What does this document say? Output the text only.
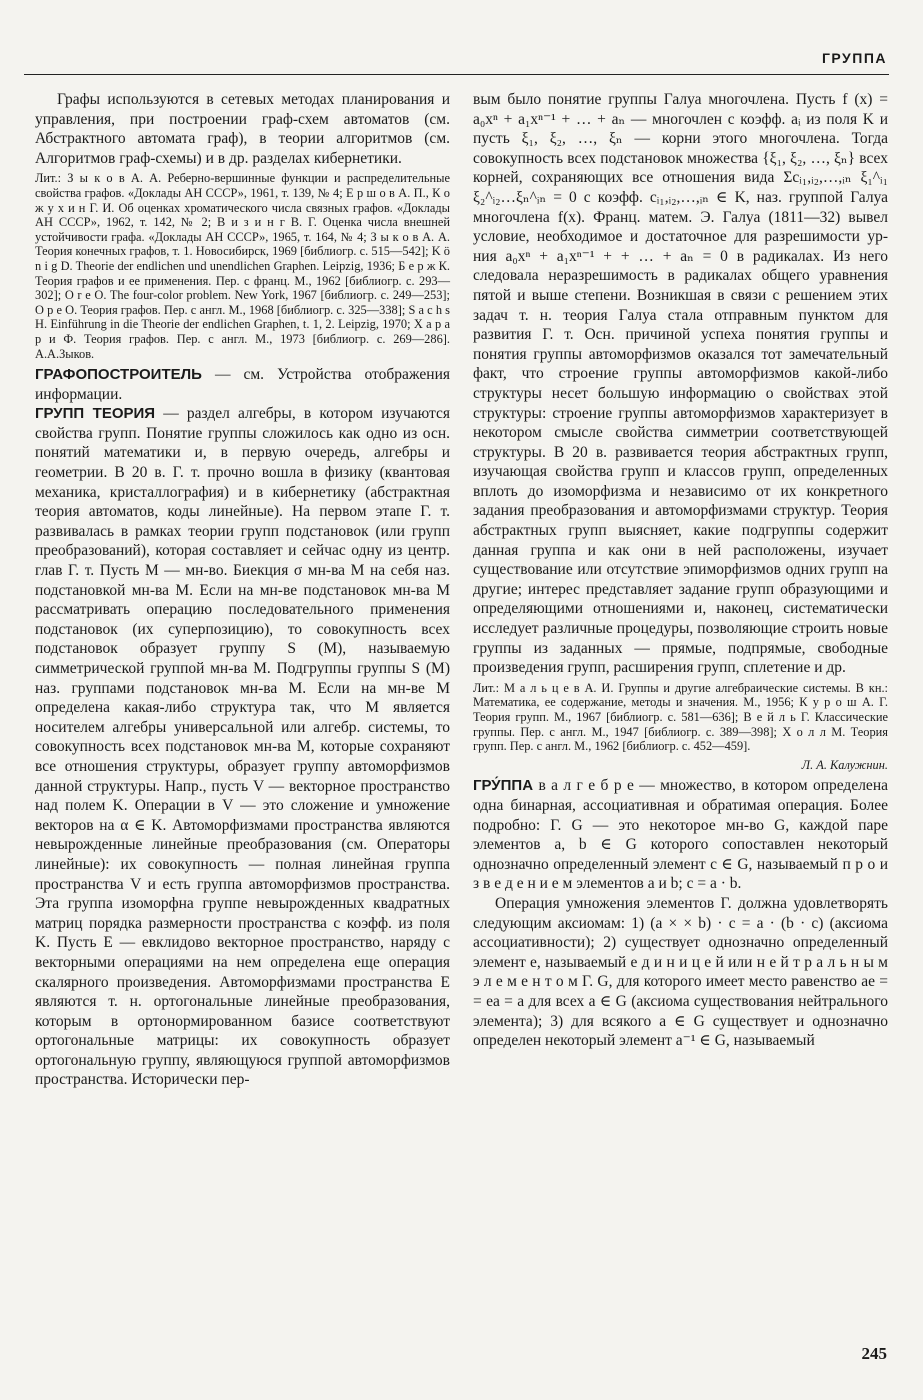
ГРУППА

Графы используются в сетевых методах планирования и управления, при построении граф-схем автоматов (см. Абстрактного автомата граф), в теории алгоритмов (см. Алгоритмов граф-схемы) и в др. разделах кибернетики.

Лит.: З ы к о в А. А. Реберно-вершинные функции и распределительные свойства графов. «Доклады АН СССР», 1961, т. 139, № 4; Е р ш о в А. П., К о ж у х и н Г. И. Об оценках хроматического числа связных графов. «Доклады АН СССР», 1962, т. 142, № 2; В и з и н г В. Г. Оценка числа внешней устойчивости графа. «Доклады АН СССР», 1965, т. 164, № 4; З ы к о в А. А. Теория конечных графов, т. 1. Новосибирск, 1969 [библиогр. с. 515—542]; K ö n i g D. Theorie der endlichen und unendlichen Graphen. Leipzig, 1936; Б е р ж К. Теория графов и ее применения. Пер. с франц. М., 1962 [библиогр. с. 293—302]; O r e O. The four-color problem. New York, 1967 [библиогр. с. 249—253]; О р е О. Теория графов. Пер. с англ. М., 1968 [библиогр. с. 325—338]; S a c h s H. Einführung in die Theorie der endlichen Graphen, t. 1, 2. Leipzig, 1970; Х а р а р и Ф. Теория графов. Пер. с англ. М., 1973 [библиогр. с. 269—286]. А.А.Зыков.

ГРАФОПОСТРОИТЕЛЬ — см. Устройства отображения информации.

ГРУПП ТЕОРИЯ — раздел алгебры, в котором изучаются свойства групп. Понятие группы сложилось как одно из осн. понятий математики и, в первую очередь, алгебры и геометрии. В 20 в. Г. т. прочно вошла в физику (квантовая механика, кристаллография) и в кибернетику (абстрактная теория автоматов, коды линейные). На первом этапе Г. т. развивалась в рамках теории групп подстановок (или групп преобразований), которая составляет и сейчас одну из центр. глав Г. т. Пусть M — мн-во. Биекция σ мн-ва M на себя наз. подстановкой мн-ва M. Если на мн-ве подстановок мн-ва M рассматривать операцию последовательного применения подстановок (их суперпозицию), то совокупность всех подстановок образует группу S (M), называемую симметрической группой мн-ва M. Подгруппы группы S (M) наз. группами подстановок мн-ва M. Если на мн-ве M определена какая-либо структура так, что M является носителем алгебры универсальной или алгебр. системы, то совокупность всех подстановок мн-ва M, которые сохраняют все отношения структуры, образует группу автоморфизмов данной структуры. Напр., пусть V — векторное пространство над полем K. Операции в V — это сложение и умножение векторов на α ∈ K. Автоморфизмами пространства являются невырожденные линейные преобразования (см. Операторы линейные): их совокупность — полная линейная группа пространства V и есть группа автоморфизмов пространства. Эта группа изоморфна группе невырожденных квадратных матриц порядка размерности пространства с коэфф. из поля K. Пусть E — евклидово векторное пространство, наряду с векторными операциями на нем определена еще операция скалярного произведения. Автоморфизмами пространства E являются т. н. ортогональные линейные преобразования, которым в ортонормированном базисе соответствуют ортогональные матрицы: их совокупность образует ортогональную группу, являющуюся группой автоморфизмов пространства. Исторически пер-

вым было понятие группы Галуа многочлена. Пусть f (x) = a₀xⁿ + a₁xⁿ⁻¹ + … + aₙ — многочлен с коэфф. aᵢ из поля K и пусть ξ₁, ξ₂, …, ξₙ — корни этого многочлена. Тогда совокупность всех подстановок множества {ξ₁, ξ₂, …, ξₙ} всех корней, сохраняющих все отношения вида Σcᵢ₁,ᵢ₂,…,ᵢₙ ξ₁^ᵢ₁ ξ₂^ᵢ₂…ξₙ^ᵢₙ = 0 с коэфф. cᵢ₁,ᵢ₂,…,ᵢₙ ∈ K, наз. группой Галуа многочлена f(x). Франц. матем. Э. Галуа (1811—32) вывел условие, необходимое и достаточное для разрешимости ур-ния a₀xⁿ + a₁xⁿ⁻¹ + + … + aₙ = 0 в радикалах. Из него следовала неразрешимость в радикалах общего уравнения пятой и выше степени. Возникшая в связи с решением этих задач т. н. теория Галуа стала отправным пунктом для развития Г. т. Осн. причиной успеха понятия группы и понятия группы автоморфизмов оказался тот замечательный факт, что строение группы автоморфизмов какой-либо структуры несет большую информацию о свойствах этой структуры: строение группы автоморфизмов характеризует в некотором смысле свойства симметрии соответствующей структуры. В 20 в. развивается теория абстрактных групп, изучающая свойства групп и классов групп, определенных вплоть до изоморфизма и независимо от их конкретного задания преобразования и автоморфизмами структур. Теория абстрактных групп выясняет, какие подгруппы содержит данная группа и как они в ней расположены, изучает существование или отсутствие эпиморфизмов одних групп на другие; интерес представляет задание групп образующими и определяющими отношениями и, наконец, систематически исследует различные процедуры, позволяющие строить новые группы из заданных — прямые, подпрямые, свободные произведения групп, расширения групп, сплетение и др.

Лит.: М а л ь ц е в А. И. Группы и другие алгебраические системы. В кн.: Математика, ее содержание, методы и значения. М., 1956; К у р о ш А. Г. Теория групп. М., 1967 [библиогр. с. 581—636]; В е й л ь Г. Классические группы. Пер. с англ. М., 1947 [библиогр. с. 389—398]; Х о л л М. Теория групп. Пер. с англ. М., 1962 [библиогр. с. 452—459].

Л. А. Калужнин.

ГРУ́ППА в а л г е б р е — множество, в котором определена одна бинарная, ассоциативная и обратимая операция. Более подробно: Г. G — это некоторое мн-во G, каждой паре элементов a, b ∈ G которого сопоставлен некоторый однозначно определенный элемент c ∈ G, называемый п р о и з в е д е н и е м элементов a и b; c = a · b.

Операция умножения элементов Г. должна удовлетворять следующим аксиомам: 1) (a × × b) · c = a · (b · c) (аксиома ассоциативности); 2) существует однозначно определенный элемент e, называемый е д и н и ц е й или н е й т р а л ь н ы м э л е м е н т о м Г. G, для которого имеет место равенство ae = = ea = a для всех a ∈ G (аксиома существования нейтрального элемента); 3) для всякого a ∈ G существует и однозначно определен некоторый элемент a⁻¹ ∈ G, называемый

245
